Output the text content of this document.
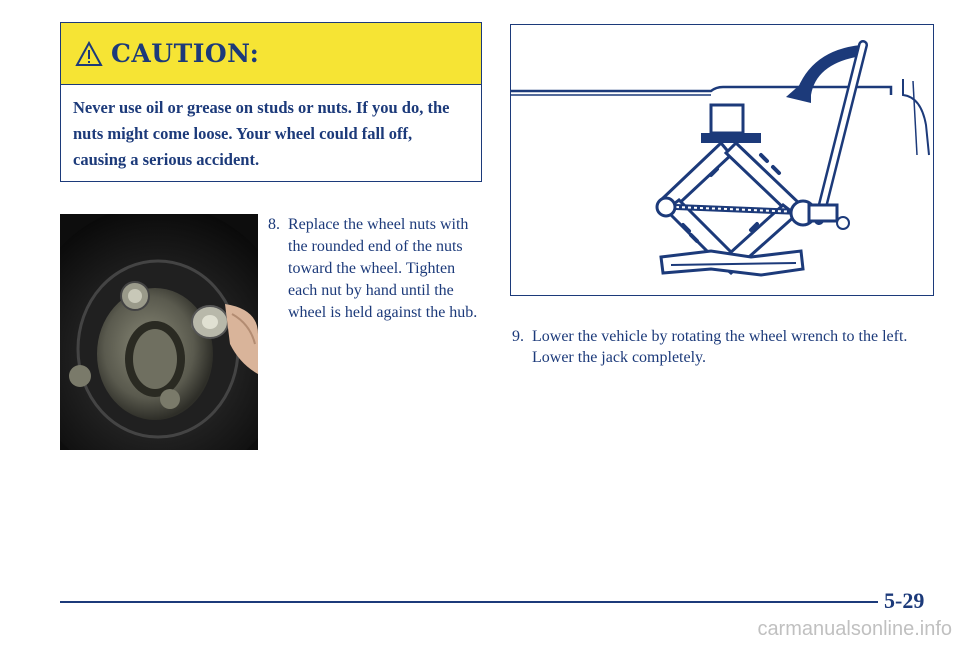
CAUTION:
Never use oil or grease on studs or nuts. If you do, the nuts might come loose. Your wheel could fall off, causing a serious accident.
8. Replace the wheel nuts with the rounded end of the nuts toward the wheel. Tighten each nut by hand until the wheel is held against the hub.
9. Lower the vehicle by rotating the wheel wrench to the left. Lower the jack completely.
5-29
carmanualsonline.info
